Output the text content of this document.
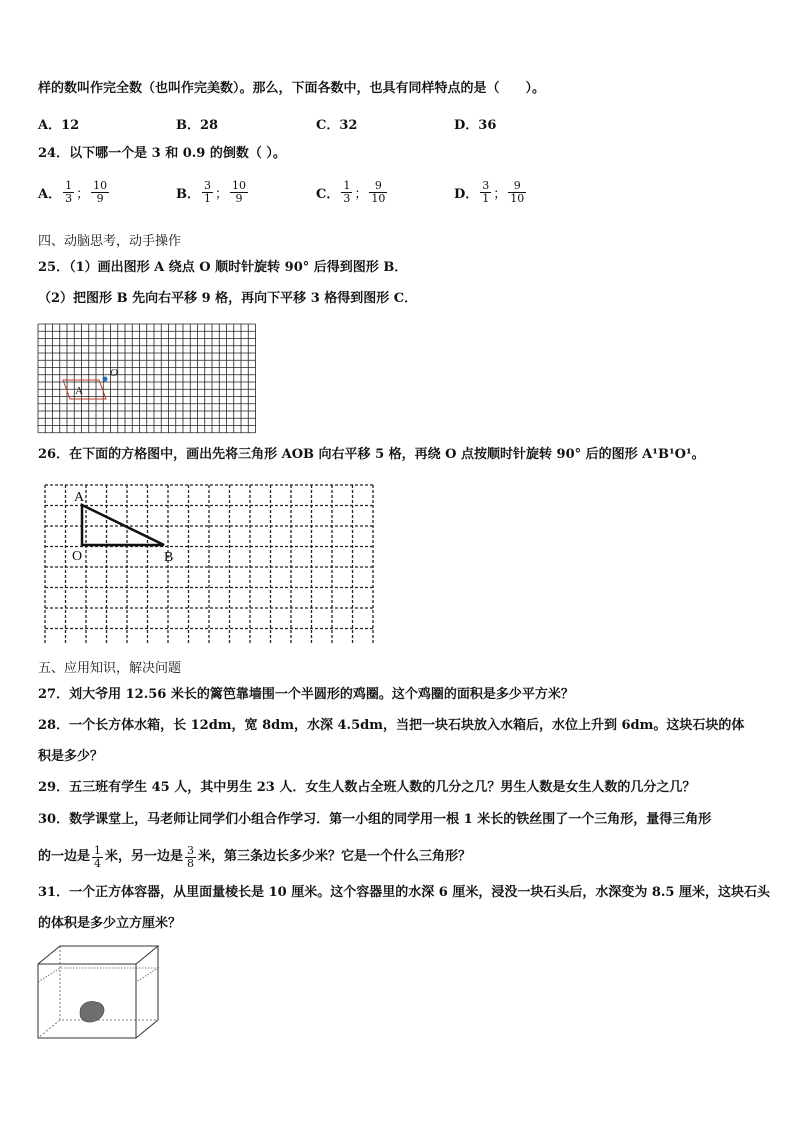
样的数叫作完全数（也叫作完美数）。那么，下面各数中，也具有同样特点的是（　　）。
A．12	B．28	C．32	D．36
24．以下哪一个是 3 和 0.9 的倒数（ ）。
A． $\frac{1}{3}$ ； $\frac{10}{9}$	B． $\frac{3}{1}$ ； $\frac{10}{9}$	C． $\frac{1}{3}$ ； $\frac{9}{10}$	D． $\frac{3}{1}$ ； $\frac{9}{10}$
四、动脑思考，动手操作
25．（1）画出图形 A 绕点 O 顺时针旋转 90° 后得到图形 B．
（2）把图形 B 先向右平移 9 格，再向下平移 3 格得到图形 C．
A
O
26．在下面的方格图中，画出先将三角形 AOB 向右平移 5 格，再绕 O 点按顺时针旋转 90° 后的图形 A¹B¹O¹。
A
O	B
五、应用知识，解决问题
27．刘大爷用 12.56 米长的篱笆靠墙围一个半圆形的鸡圈。这个鸡圈的面积是多少平方米？
28．一个长方体水箱，长 12dm，宽 8dm，水深 4.5dm，当把一块石块放入水箱后，水位上升到 6dm。这块石块的体
积是多少？
29．五三班有学生 45 人，其中男生 23 人．女生人数占全班人数的几分之几？男生人数是女生人数的几分之几？
30．数学课堂上，马老师让同学们小组合作学习．第一小组的同学用一根 1 米长的铁丝围了一个三角形，量得三角形
的一边是 $\frac{1}{4}$ 米，另一边是 $\frac{3}{8}$ 米，第三条边长多少米？它是一个什么三角形？
31．一个正方体容器，从里面量棱长是 10 厘米。这个容器里的水深 6 厘米，浸没一块石头后，水深变为 8.5 厘米，这块石头
的体积是多少立方厘米？
